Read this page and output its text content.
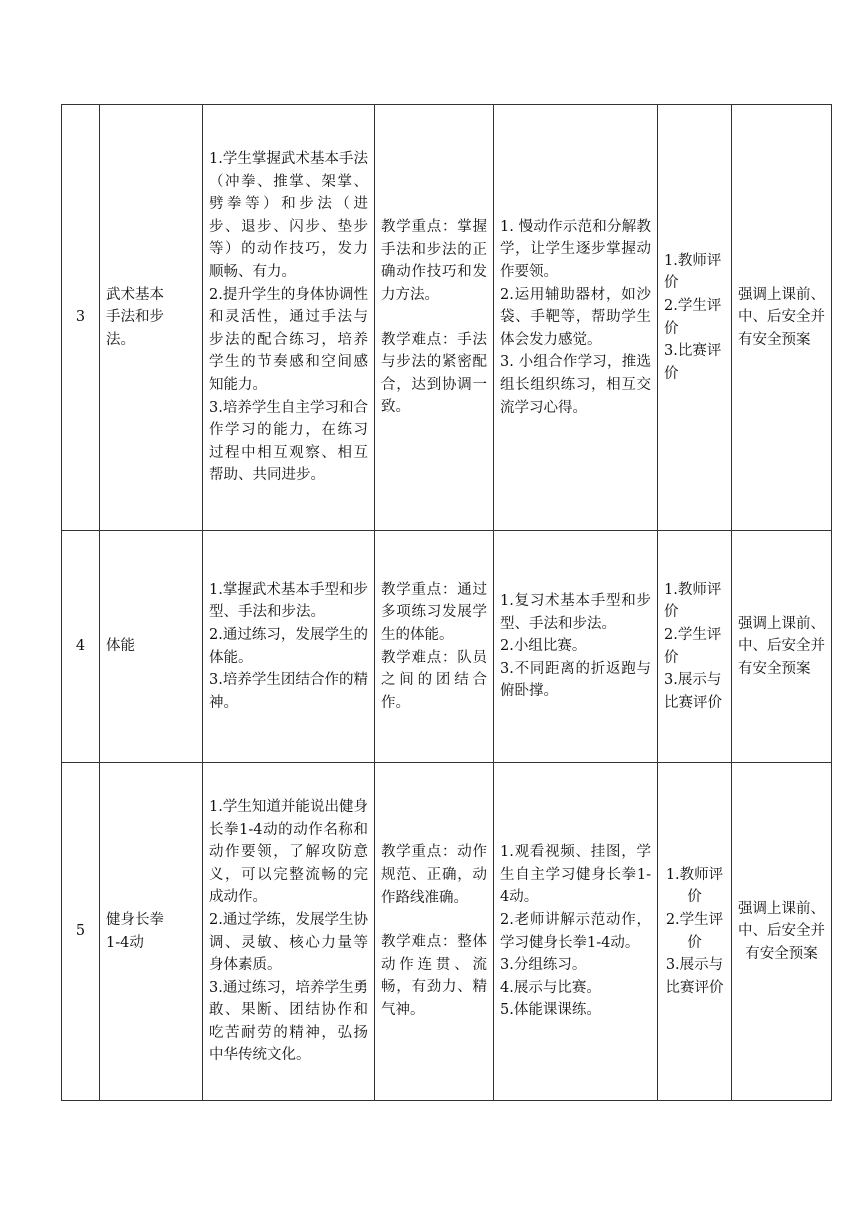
3	武术基本
手法和步
法。	1.学生掌握武术基本手法（冲拳、推掌、架掌、劈拳等）和步法（进步、退步、闪步、垫步等）的动作技巧，发力顺畅、有力。
2.提升学生的身体协调性和灵活性，通过手法与步法的配合练习，培养学生的节奏感和空间感知能力。
3.培养学生自主学习和合作学习的能力，在练习过程中相互观察、相互帮助、共同进步。	教学重点：掌握手法和步法的正确动作技巧和发力方法。
教学难点：手法与步法的紧密配合，达到协调一致。	1. 慢动作示范和分解教学，让学生逐步掌握动作要领。
2.运用辅助器材，如沙袋、手靶等，帮助学生体会发力感觉。
3. 小组合作学习，推选组长组织练习，相互交流学习心得。	1.教师评价
2.学生评价
3.比赛评价	强调上课前、中、后安全并有安全预案

4	体能	1.掌握武术基本手型和步型、手法和步法。
2.通过练习，发展学生的体能。
3.培养学生团结合作的精神。	教学重点：通过多项练习发展学生的体能。
教学难点：队员之间的团结合作。	1.复习术基本手型和步型、手法和步法。
2.小组比赛。
3.不同距离的折返跑与俯卧撑。	1.教师评价
2.学生评价
3.展示与比赛评价	强调上课前、中、后安全并有安全预案

5	健身长拳
1-4动	1.学生知道并能说出健身长拳1-4动的动作名称和动作要领，了解攻防意义，可以完整流畅的完成动作。
2.通过学练，发展学生协调、灵敏、核心力量等身体素质。
3.通过练习，培养学生勇敢、果断、团结协作和吃苦耐劳的精神，弘扬中华传统文化。	教学重点：动作规范、正确，动作路线准确。
教学难点：整体动作连贯、流畅，有劲力、精气神。	1.观看视频、挂图，学生自主学习健身长拳1-4动。
2.老师讲解示范动作，学习健身长拳1-4动。
3.分组练习。
4.展示与比赛。
5.体能课课练。	1.教师评价
2.学生评价
3.展示与比赛评价	强调上课前、中、后安全并有安全预案
